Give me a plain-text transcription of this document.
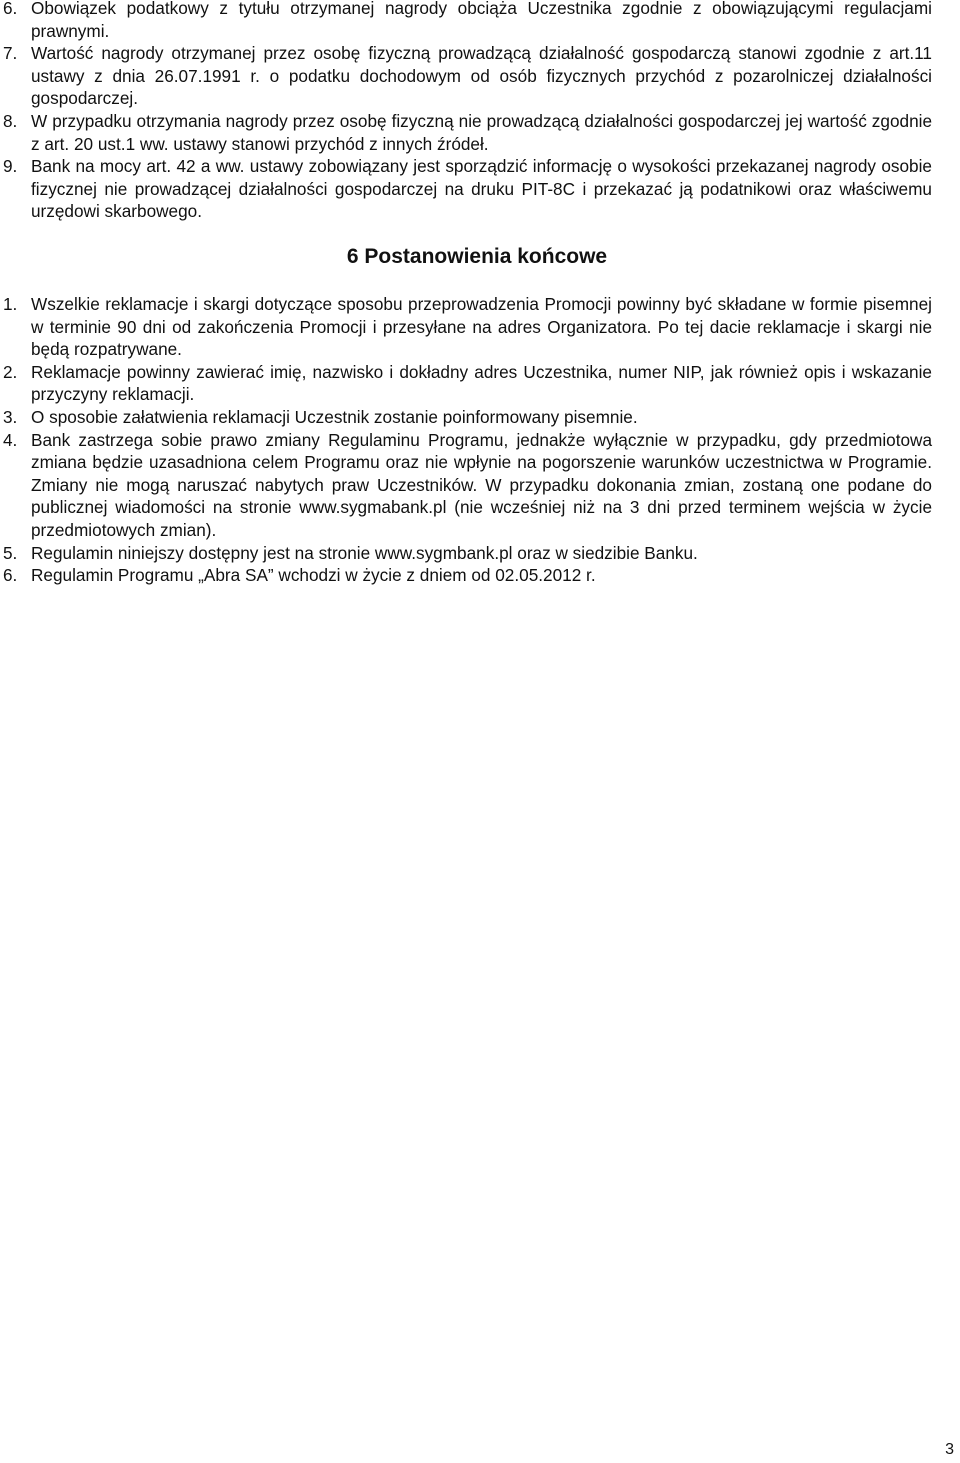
6. Obowiązek podatkowy z tytułu otrzymanej nagrody obciąża Uczestnika zgodnie z obowiązującymi regulacjami prawnymi.
7. Wartość nagrody otrzymanej przez osobę fizyczną prowadzącą działalność gospodarczą stanowi zgodnie z art.11 ustawy z dnia 26.07.1991 r. o podatku dochodowym od osób fizycznych przychód z pozarolniczej działalności gospodarczej.
8. W przypadku otrzymania nagrody przez osobę fizyczną nie prowadzącą działalności gospodarczej jej wartość zgodnie z art. 20 ust.1 ww. ustawy stanowi przychód z innych źródeł.
9. Bank na mocy art. 42 a ww. ustawy zobowiązany jest sporządzić informację o wysokości przekazanej nagrody osobie fizycznej nie prowadzącej działalności gospodarczej na druku PIT-8C i przekazać ją podatnikowi oraz właściwemu urzędowi skarbowego.
6 Postanowienia końcowe
1. Wszelkie reklamacje i skargi dotyczące sposobu przeprowadzenia Promocji powinny być składane w formie pisemnej w terminie 90 dni od zakończenia Promocji i przesyłane na adres Organizatora. Po tej dacie reklamacje i skargi nie będą rozpatrywane.
2. Reklamacje powinny zawierać imię, nazwisko i dokładny adres Uczestnika, numer NIP, jak również opis i wskazanie przyczyny reklamacji.
3. O sposobie załatwienia reklamacji Uczestnik zostanie poinformowany pisemnie.
4. Bank zastrzega sobie prawo zmiany Regulaminu Programu, jednakże wyłącznie w przypadku, gdy przedmiotowa zmiana będzie uzasadniona celem Programu oraz nie wpłynie na pogorszenie warunków uczestnictwa w Programie. Zmiany nie mogą naruszać nabytych praw Uczestników. W przypadku dokonania zmian, zostaną one podane do publicznej wiadomości na stronie www.sygmabank.pl (nie wcześniej niż na 3 dni przed terminem wejścia w życie przedmiotowych zmian).
5. Regulamin niniejszy dostępny jest na stronie www.sygmbank.pl oraz w siedzibie Banku.
6. Regulamin Programu „Abra SA” wchodzi w życie z dniem od 02.05.2012 r.
3
